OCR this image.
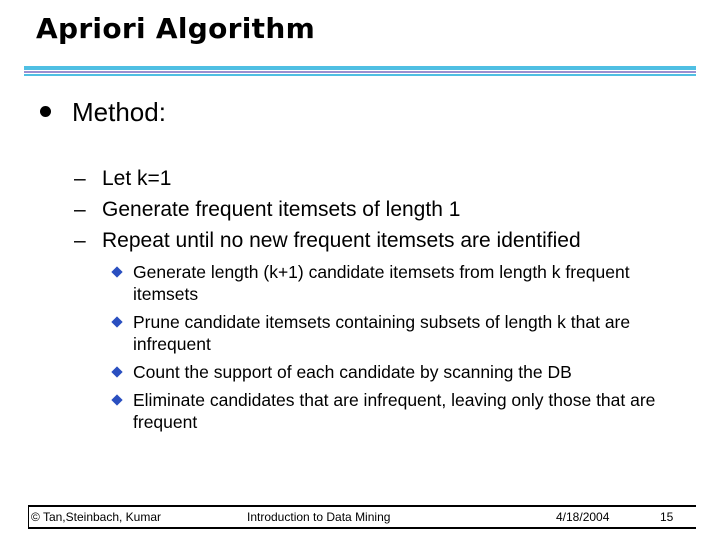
Apriori Algorithm
Method:
– Let k=1
– Generate frequent itemsets of length 1
– Repeat until no new frequent itemsets are identified
Generate length (k+1) candidate itemsets from length k frequent itemsets
Prune candidate itemsets containing subsets of length k that are infrequent
Count the support of each candidate by scanning the DB
Eliminate candidates that are infrequent, leaving only those that are frequent
© Tan,Steinbach, Kumar	Introduction to Data Mining	4/18/2004	15
